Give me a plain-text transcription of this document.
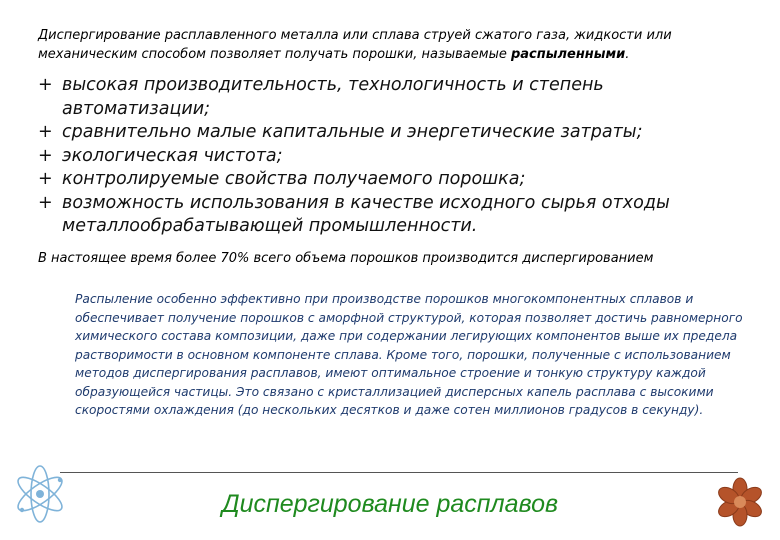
Диспергирование расплавленного металла или сплава струей сжатого газа, жидкости или механическим способом позволяет получать порошки, называемые распыленными.
+ высокая производительность, технологичность и степень автоматизации;
+ сравнительно малые капитальные и энергетические затраты;
+ экологическая чистота;
+ контролируемые свойства получаемого порошка;
+ возможность использования в качестве исходного сырья отходы металлообрабатывающей промышленности.
В настоящее время более 70% всего объема порошков производится диспергированием
Распыление особенно эффективно при производстве порошков многокомпонентных сплавов и обеспечивает получение порошков с аморфной структурой, которая позволяет достичь равномерного химического состава композиции, даже при содержании легирующих компонентов выше их предела растворимости в основном компоненте сплава. Кроме того, порошки, полученные с использованием методов диспергирования расплавов, имеют оптимальное строение и тонкую структуру каждой образующейся частицы. Это связано с кристаллизацией дисперсных капель расплава с высокими скоростями охлаждения (до нескольких десятков и даже сотен миллионов градусов в секунду).
Диспергирование расплавов
